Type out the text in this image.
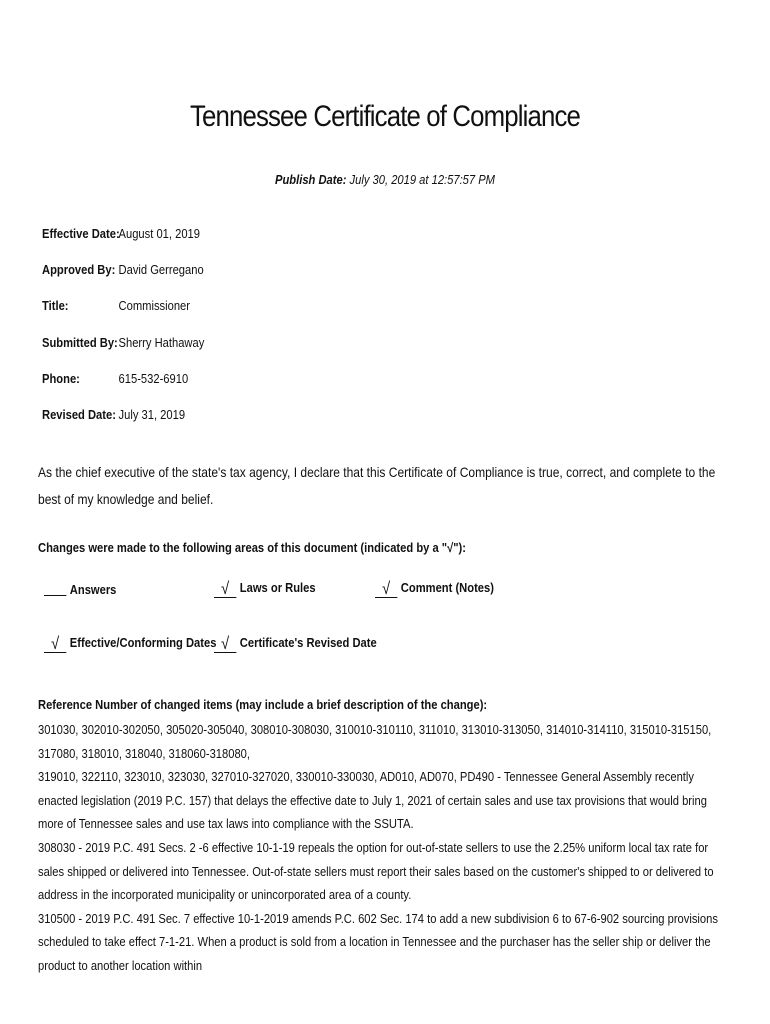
Tennessee Certificate of Compliance
Publish Date: July 30, 2019 at 12:57:57 PM
Effective Date:August 01, 2019
Approved By: David Gerregano
Title:	Commissioner
Submitted By:Sherry Hathaway
Phone:	615-532-6910
Revised Date: July 31, 2019
As the chief executive of the state's tax agency, I declare that this Certificate of Compliance is true, correct, and complete to the best of my knowledge and belief.
Changes were made to the following areas of this document (indicated by a "√"):
Answers	√ Laws or Rules	√ Comment (Notes)
√ Effective/Conforming Dates √ Certificate's Revised Date
Reference Number of changed items (may include a brief description of the change):

301030, 302010-302050, 305020-305040, 308010-308030, 310010-310110, 311010, 313010-313050, 314010-314110, 315010-315150, 317080, 318010, 318040, 318060-318080,

319010, 322110, 323010, 323030, 327010-327020, 330010-330030, AD010, AD070, PD490 - Tennessee General Assembly recently enacted legislation (2019 P.C. 157) that delays the effective date to July 1, 2021 of certain sales and use tax provisions that would bring more of Tennessee sales and use tax laws into compliance with the SSUTA.

308030 - 2019 P.C. 491 Secs. 2 -6 effective 10-1-19 repeals the option for out-of-state sellers to use the 2.25% uniform local tax rate for sales shipped or delivered into Tennessee. Out-of-state sellers must report their sales based on the customer's shipped to or delivered to address in the incorporated municipality or unincorporated area of a county.

310500 - 2019 P.C. 491 Sec. 7 effective 10-1-2019 amends P.C. 602 Sec. 174 to add a new subdivision 6 to 67-6-902 sourcing provisions scheduled to take effect 7-1-21. When a product is sold from a location in Tennessee and the purchaser has the seller ship or deliver the product to another location within
